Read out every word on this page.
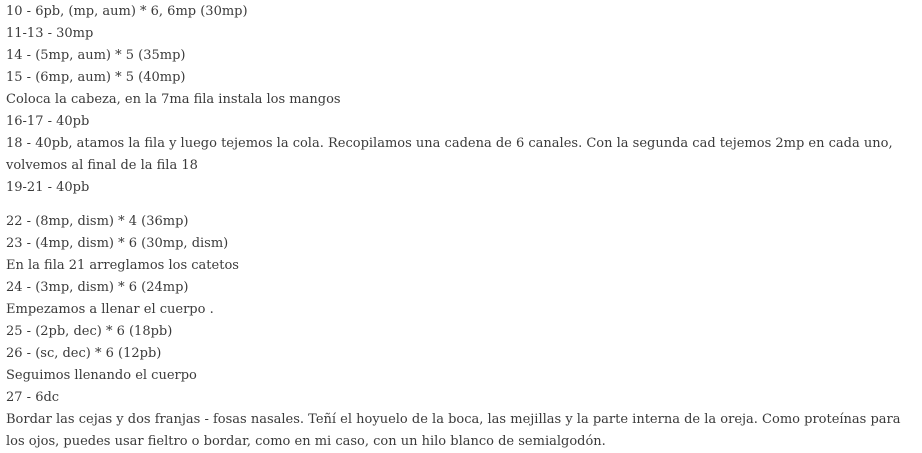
10 - 6pb, (mp, aum) * 6, 6mp (30mp)

11-13 - 30mp

14 - (5mp, aum) * 5 (35mp)

15 - (6mp, aum) * 5 (40mp)

Coloca la cabeza, en la 7ma fila instala los mangos

16-17 - 40pb

18 - 40pb, atamos la fila y luego tejemos la cola. Recopilamos una cadena de 6 canales. Con la segunda cad tejemos 2mp en cada uno, volvemos al final de la fila 18

19-21 - 40pb

22 - (8mp, dism) * 4 (36mp)

23 - (4mp, dism) * 6 (30mp, dism)

En la fila 21 arreglamos los catetos

24 - (3mp, dism) * 6 (24mp)

Empezamos a llenar el cuerpo .

25 - (2pb, dec) * 6 (18pb)

26 - (sc, dec) * 6 (12pb)

Seguimos llenando el cuerpo

27 - 6dc

Bordar las cejas y dos franjas - fosas nasales. Teñí el hoyuelo de la boca, las mejillas y la parte interna de la oreja. Como proteínas para los ojos, puedes usar fieltro o bordar, como en mi caso, con un hilo blanco de semialgodón.
